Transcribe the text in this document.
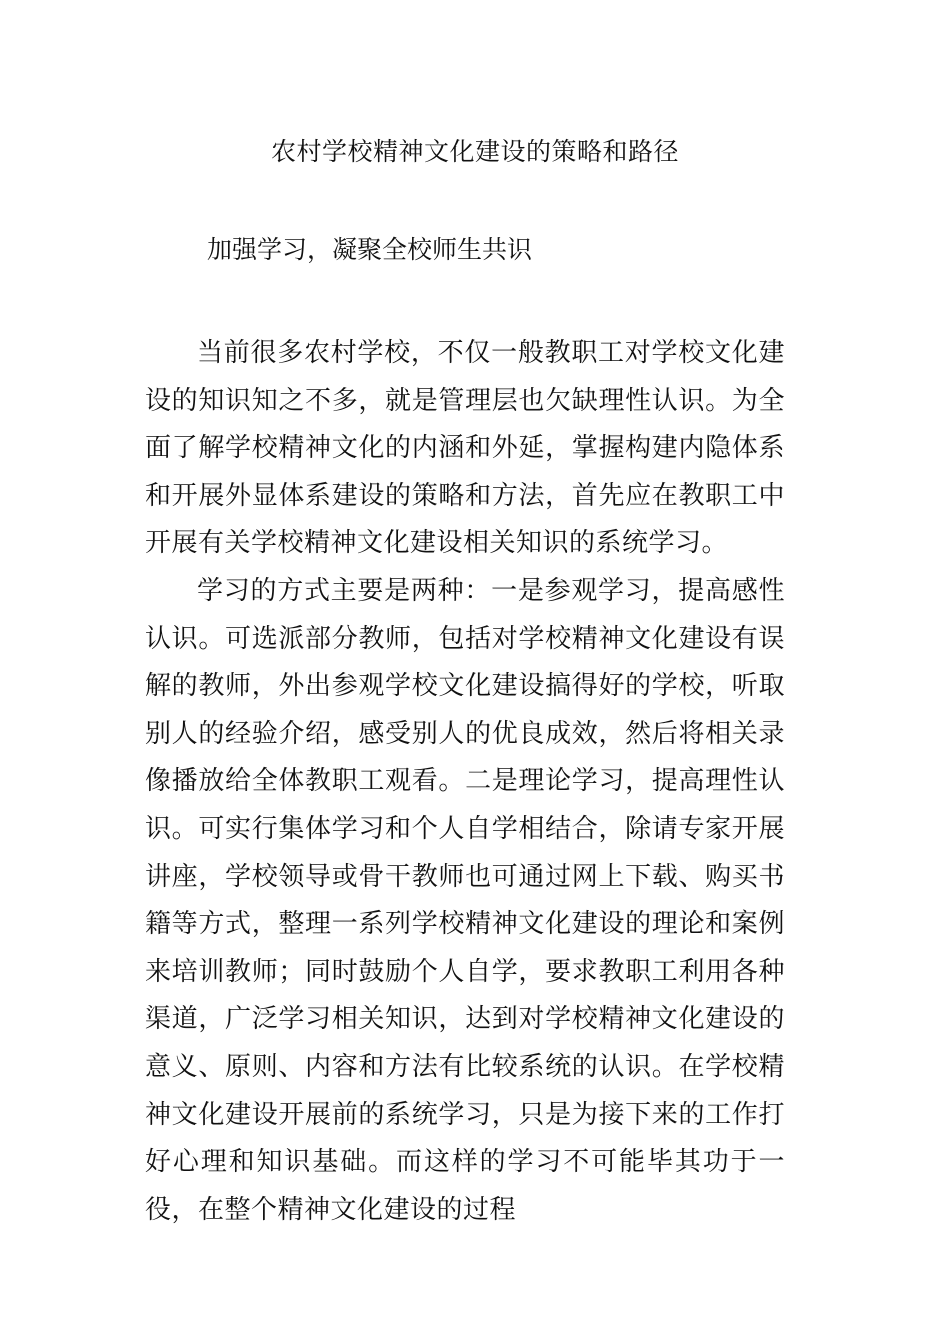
农村学校精神文化建设的策略和路径
加强学习，凝聚全校师生共识

当前很多农村学校，不仅一般教职工对学校文化建设的知识知之不多，就是管理层也欠缺理性认识。为全面了解学校精神文化的内涵和外延，掌握构建内隐体系和开展外显体系建设的策略和方法，首先应在教职工中开展有关学校精神文化建设相关知识的系统学习。

学习的方式主要是两种：一是参观学习，提高感性认识。可选派部分教师，包括对学校精神文化建设有误解的教师，外出参观学校文化建设搞得好的学校，听取别人的经验介绍，感受别人的优良成效，然后将相关录像播放给全体教职工观看。二是理论学习，提高理性认识。可实行集体学习和个人自学相结合，除请专家开展讲座，学校领导或骨干教师也可通过网上下载、购买书籍等方式，整理一系列学校精神文化建设的理论和案例来培训教师；同时鼓励个人自学，要求教职工利用各种渠道，广泛学习相关知识，达到对学校精神文化建设的意义、原则、内容和方法有比较系统的认识。在学校精神文化建设开展前的系统学习，只是为接下来的工作打好心理和知识基础。而这样的学习不可能毕其功于一役，在整个精神文化建设的过程
